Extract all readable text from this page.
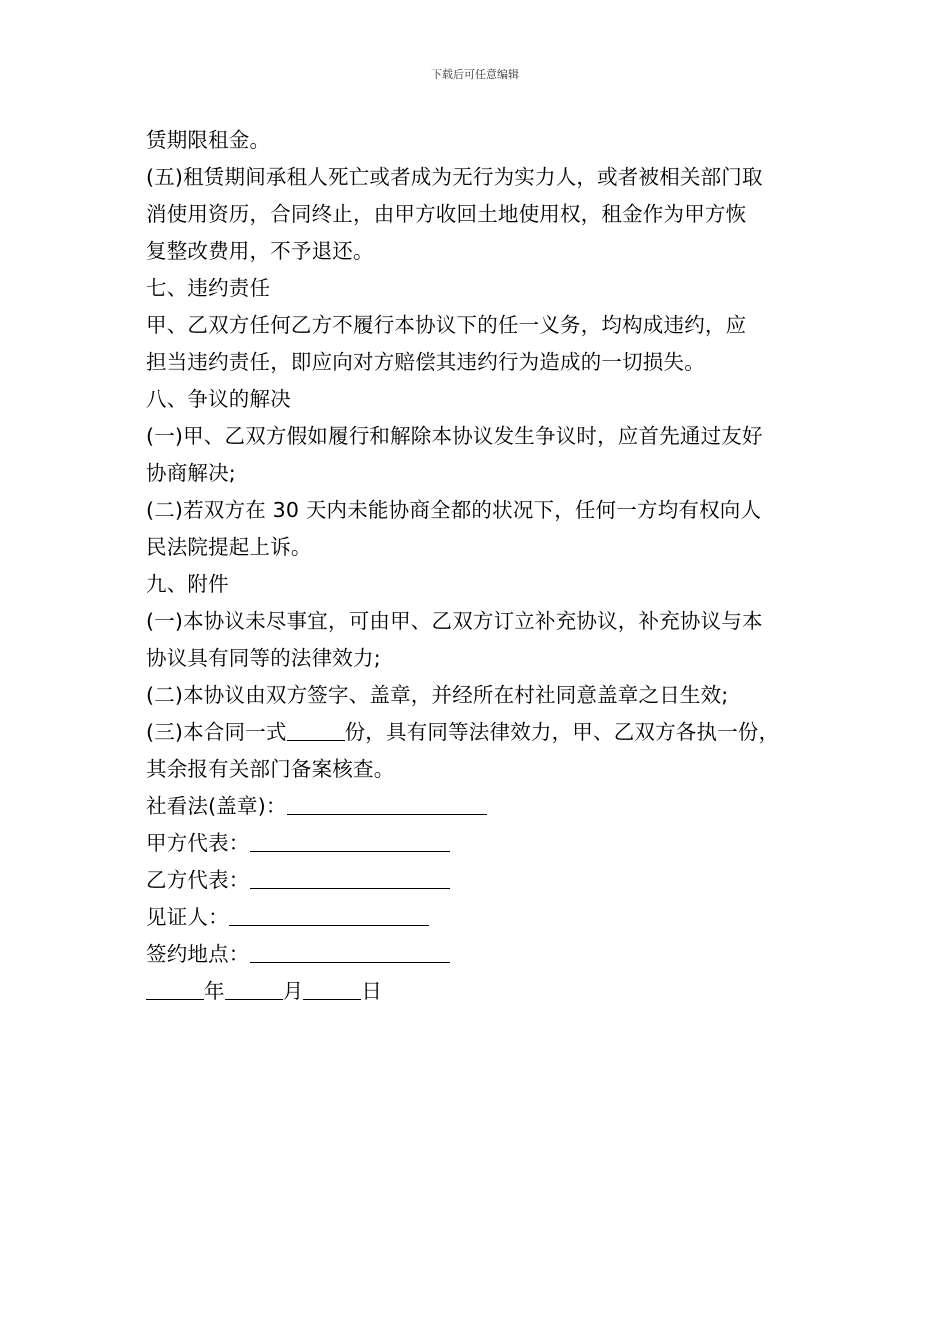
下载后可任意编辑
赁期限租金。
(五)租赁期间承租人死亡或者成为无行为实力人，或者被相关部门取
消使用资历，合同终止，由甲方收回土地使用权，租金作为甲方恢
复整改费用，不予退还。
七、违约责任
甲、乙双方任何乙方不履行本协议下的任一义务，均构成违约，应
担当违约责任，即应向对方赔偿其违约行为造成的一切损失。
八、争议的解决
(一)甲、乙双方假如履行和解除本协议发生争议时，应首先通过友好
协商解决;
(二)若双方在 30 天内未能协商全都的状况下，任何一方均有权向人
民法院提起上诉。
九、附件
(一)本协议未尽事宜，可由甲、乙双方订立补充协议，补充协议与本
协议具有同等的法律效力;
(二)本协议由双方签字、盖章，并经所在村社同意盖章之日生效;
(三)本合同一式	份，具有同等法律效力，甲、乙双方各执一份，
其余报有关部门备案核查。
社看法(盖章)：
甲方代表：
乙方代表：
见证人：
签约地点：
年	月	日
